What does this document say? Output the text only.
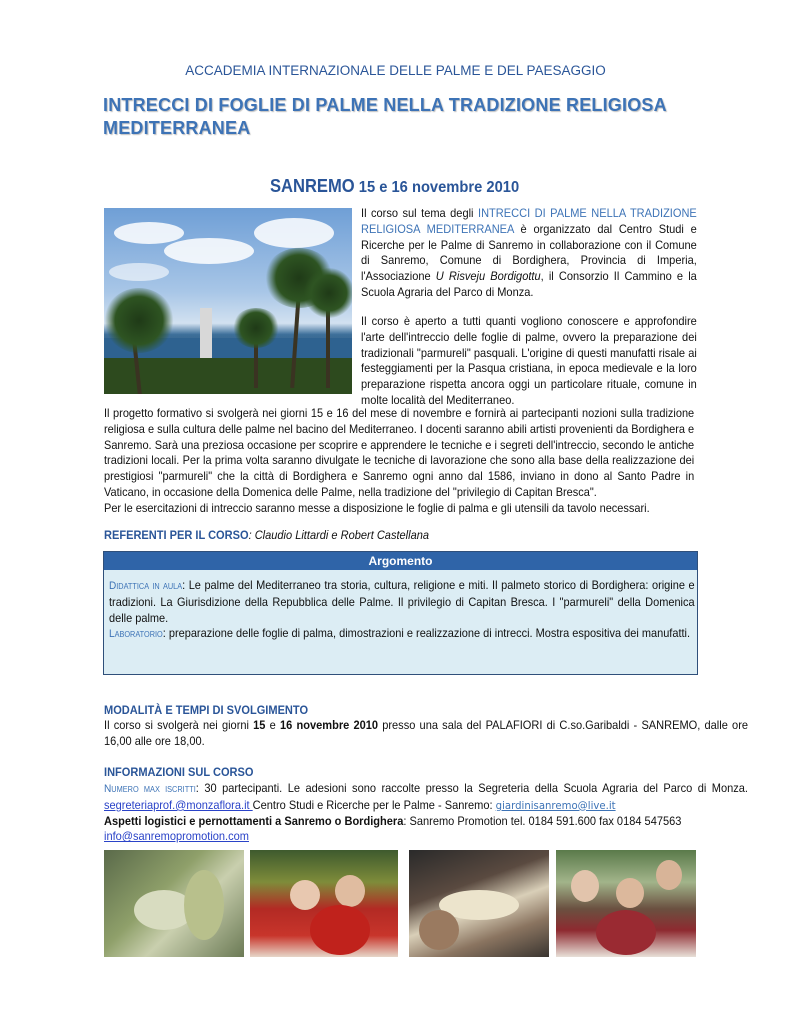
ACCADEMIA INTERNAZIONALE DELLE PALME E DEL PAESAGGIO
INTRECCI DI FOGLIE DI PALME NELLA TRADIZIONE RELIGIOSA
MEDITERRANEA
SANREMO 15 e 16 novembre 2010
Il corso sul tema degli INTRECCI DI PALME NELLA TRADIZIONE RELIGIOSA MEDITERRANEA è organizzato dal Centro Studi e Ricerche per le Palme di Sanremo in collaborazione con il Comune di Sanremo, Comune di Bordighera, Provincia di Imperia, l'Associazione U Risveju Bordigottu, il Consorzio Il Cammino e la Scuola Agraria del Parco di Monza.
Il corso è aperto a tutti quanti vogliono conoscere e approfondire l'arte dell'intreccio delle foglie di palme, ovvero la preparazione dei tradizionali "parmureli" pasquali. L'origine di questi manufatti risale ai festeggiamenti per la Pasqua cristiana, in epoca medievale e la loro preparazione rispetta ancora oggi un particolare rituale, comune in molte località del Mediterraneo.
Il progetto formativo si svolgerà nei giorni 15 e 16 del mese di novembre e fornirà ai partecipanti nozioni sulla tradizione religiosa e sulla cultura delle palme nel bacino del Mediterraneo. I docenti saranno abili artisti provenienti da Bordighera e Sanremo. Sarà una preziosa occasione per scoprire e apprendere le tecniche e i segreti dell'intreccio, secondo le antiche tradizioni locali. Per la prima volta saranno divulgate le tecniche di lavorazione che sono alla base della realizzazione dei prestigiosi "parmureli" che la città di Bordighera e Sanremo ogni anno dal 1586, inviano in dono al Santo Padre in Vaticano, in occasione della Domenica delle Palme, nella tradizione del "privilegio di Capitan Bresca".
Per le esercitazioni di intreccio saranno messe a disposizione le foglie di palma e gli utensili da tavolo necessari.
REFERENTI PER IL CORSO: Claudio Littardi e Robert Castellana
Argomento
Didattica in aula: Le palme del Mediterraneo tra storia, cultura, religione e miti. Il palmeto storico di Bordighera: origine e tradizioni. La Giurisdizione della Repubblica delle Palme. Il privilegio di Capitan Bresca. I "parmureli" della Domenica delle palme.
Laboratorio: preparazione delle foglie di palma, dimostrazioni e realizzazione di intrecci. Mostra espositiva dei manufatti.
MODALITÀ E TEMPI DI SVOLGIMENTO
Il corso si svolgerà nei giorni 15 e 16 novembre 2010 presso una sala del PALAFIORI di C.so.Garibaldi - SANREMO, dalle ore 16,00 alle ore 18,00.
INFORMAZIONI SUL CORSO
Numero max iscritti: 30 partecipanti. Le adesioni sono raccolte presso la Segreteria della Scuola Agraria del Parco di Monza. segreteriaprof.@monzaflora.it Centro Studi e Ricerche per le Palme - Sanremo: giardinisanremo@live.it
Aspetti logistici e pernottamenti a Sanremo o Bordighera: Sanremo Promotion tel. 0184 591.600 fax 0184 547563
info@sanremopromotion.com
